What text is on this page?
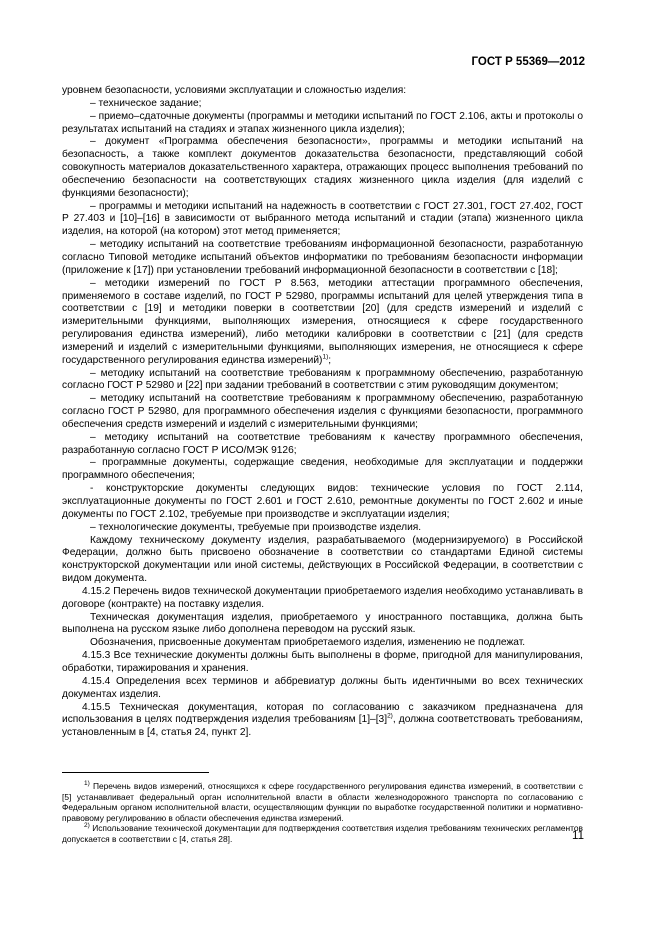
ГОСТ Р 55369—2012

уровнем безопасности, условиями эксплуатации и сложностью изделия:

– техническое задание;

– приемо–сдаточные документы (программы и методики испытаний по ГОСТ 2.106, акты и протоколы о результатах испытаний на стадиях и этапах жизненного цикла изделия);

– документ «Программа обеспечения безопасности», программы и методики испытаний на безопасность, а также комплект документов доказательства безопасности, представляющий собой совокупность материалов доказательственного характера, отражающих процесс выполнения требований по обеспечению безопасности на соответствующих стадиях жизненного цикла изделия (для изделий с функциями безопасности);

– программы и методики испытаний на надежность в соответствии с ГОСТ 27.301, ГОСТ 27.402, ГОСТ Р 27.403 и [10]–[16] в зависимости от выбранного метода испытаний и стадии (этапа) жизненного цикла изделия, на которой (на котором) этот метод применяется;

– методику испытаний на соответствие требованиям информационной безопасности, разработанную согласно Типовой методике испытаний объектов информатики по требованиям безопасности информации (приложение к [17]) при установлении требований информационной безопасности в соответствии с [18];

– методики измерений по ГОСТ Р 8.563, методики аттестации программного обеспечения, применяемого в составе изделий, по ГОСТ Р 52980, программы испытаний для целей утверждения типа в соответствии с [19] и методики поверки в соответствии [20] (для средств измерений и изделий с измерительными функциями, выполняющих измерения, относящиеся к сфере государственного регулирования единства измерений), либо методики калибровки в соответствии с [21] (для средств измерений и изделий с измерительными функциями, выполняющих измерения, не относящиеся к сфере государственного регулирования единства измерений)$^{1)}$;

– методику испытаний на соответствие требованиям к программному обеспечению, разработанную согласно ГОСТ Р 52980 и [22] при задании требований в соответствии с этим руководящим документом;

– методику испытаний на соответствие требованиям к программному обеспечению, разработанную согласно ГОСТ Р 52980, для программного обеспечения изделия с функциями безопасности, программного обеспечения средств измерений и изделий с измерительными функциями;

– методику испытаний на соответствие требованиям к качеству программного обеспечения, разработанную согласно ГОСТ Р ИСО/МЭК 9126;

– программные документы, содержащие сведения, необходимые для эксплуатации и поддержки программного обеспечения;

- конструкторские документы следующих видов: технические условия по ГОСТ 2.114, эксплуатационные документы по ГОСТ 2.601 и ГОСТ 2.610, ремонтные документы по ГОСТ 2.602 и иные документы по ГОСТ 2.102, требуемые при производстве и эксплуатации изделия;

– технологические документы, требуемые при производстве изделия.

Каждому техническому документу изделия, разрабатываемого (модернизируемого) в Российской Федерации, должно быть присвоено обозначение в соответствии со стандартами Единой системы конструкторской документации или иной системы, действующих в Российской Федерации, в соответствии с видом документа.

4.15.2 Перечень видов технической документации приобретаемого изделия необходимо устанавливать в договоре (контракте) на поставку изделия.

Техническая документация изделия, приобретаемого у иностранного поставщика, должна быть выполнена на русском языке либо дополнена переводом на русский язык.

Обозначения, присвоенные документам приобретаемого изделия, изменению не подлежат.

4.15.3 Все технические документы должны быть выполнены в форме, пригодной для манипулирования, обработки, тиражирования и хранения.

4.15.4 Определения всех терминов и аббревиатур должны быть идентичными во всех технических документах изделия.

4.15.5 Техническая документация, которая по согласованию с заказчиком предназначена для использования в целях подтверждения изделия требованиям $[1]-[3]^{2)}$, должна соответствовать требованиям, установленным в [4, статья 24, пункт 2].

$^{1)}$ Перечень видов измерений, относящихся к сфере государственного регулирования единства измерений, в соответствии с [5] устанавливает федеральный орган исполнительной власти в области железнодорожного транспорта по согласованию с Федеральным органом исполнительной власти, осуществляющим функции по выработке государственной политики и нормативно-правовому регулированию в области обеспечения единства измерений.

$^{2)}$ Использование технической документации для подтверждения соответствия изделия требованиям технических регламентов допускается в соответствии с [4, статья 28].	11
